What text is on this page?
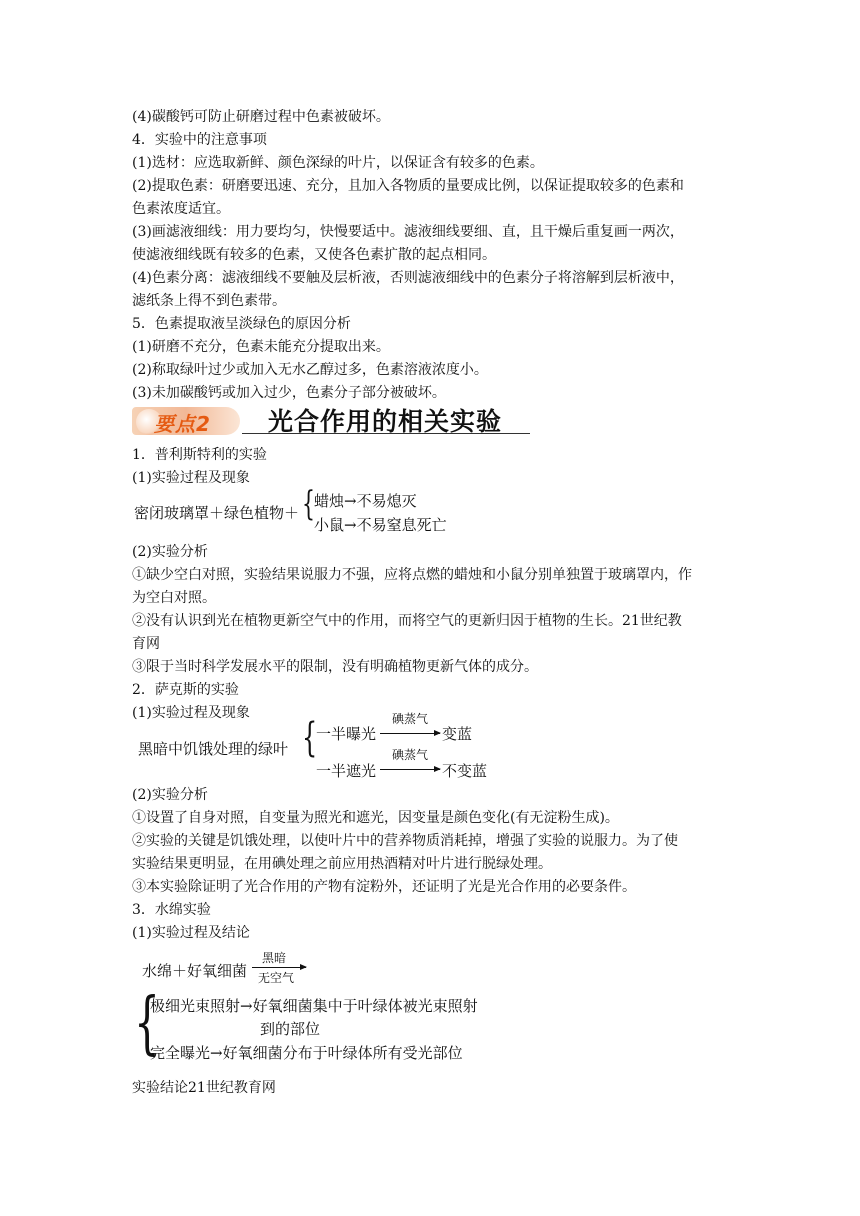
(4)碳酸钙可防止研磨过程中色素被破坏。
4．实验中的注意事项
(1)选材：应选取新鲜、颜色深绿的叶片，以保证含有较多的色素。
(2)提取色素：研磨要迅速、充分，且加入各物质的量要成比例，以保证提取较多的色素和
色素浓度适宜。
(3)画滤液细线：用力要均匀，快慢要适中。滤液细线要细、直，且干燥后重复画一两次，
使滤液细线既有较多的色素，又使各色素扩散的起点相同。
(4)色素分离：滤液细线不要触及层析液，否则滤液细线中的色素分子将溶解到层析液中，
滤纸条上得不到色素带。
5．色素提取液呈淡绿色的原因分析
(1)研磨不充分，色素未能充分提取出来。
(2)称取绿叶过少或加入无水乙醇过多，色素溶液浓度小。
(3)未加碳酸钙或加入过少，色素分子部分被破坏。
要点2 光合作用的相关实验
1．普利斯特利的实验
(1)实验过程及现象
密闭玻璃罩＋绿色植物＋ { 蜡烛→不易熄灭
小鼠→不易窒息死亡
(2)实验分析
①缺少空白对照，实验结果说服力不强，应将点燃的蜡烛和小鼠分别单独置于玻璃罩内，作
为空白对照。
②没有认识到光在植物更新空气中的作用，而将空气的更新归因于植物的生长。21世纪教
育网
③限于当时科学发展水平的限制，没有明确植物更新气体的成分。
2．萨克斯的实验
(1)实验过程及现象
黑暗中饥饿处理的绿叶 {
一半曝光
碘蒸气
变蓝
一半遮光
碘蒸气
不变蓝
(2)实验分析
①设置了自身对照，自变量为照光和遮光，因变量是颜色变化(有无淀粉生成)。
②实验的关键是饥饿处理，以使叶片中的营养物质消耗掉，增强了实验的说服力。为了使
实验结果更明显，在用碘处理之前应用热酒精对叶片进行脱绿处理。
③本实验除证明了光合作用的产物有淀粉外，还证明了光是光合作用的必要条件。
3．水绵实验
(1)实验过程及结论
水绵＋好氧细菌
黑暗
无空气
{
极细光束照射→好氧细菌集中于叶绿体被光束照射
到的部位
完全曝光→好氧细菌分布于叶绿体所有受光部位
实验结论21世纪教育网
